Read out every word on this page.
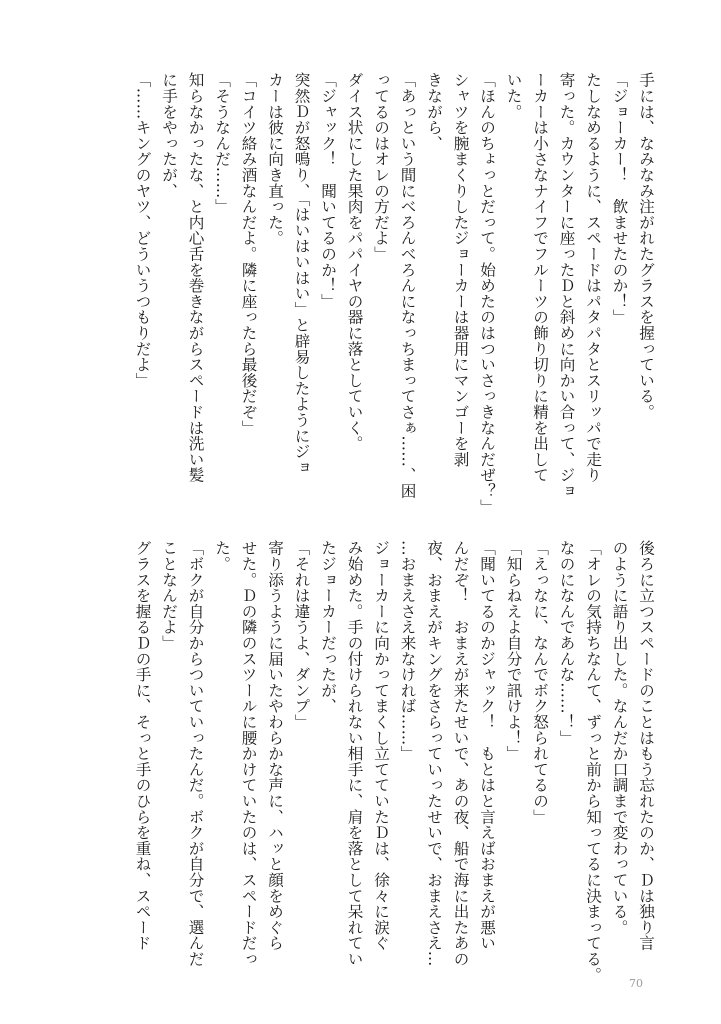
手には、なみなみ注がれたグラスを握っている。
「ジョーカー！　飲ませたのか！」
たしなめるように、スペードはパタパタとスリッパで走り
寄った。カウンターに座ったＤと斜めに向かい合って、ジョ
ーカーは小さなナイフでフルーツの飾り切りに精を出して
いた。
「ほんのちょっとだって。始めたのはついさっきなんだぜ？」
シャツを腕まくりしたジョーカーは器用にマンゴーを剥
きながら、
「あっという間にべろんべろんになっちまってさぁ……、困
ってるのはオレの方だよ」
ダイス状にした果肉をパパイヤの器に落としていく。
「ジャック！　聞いてるのか！」
突然Ｄが怒鳴り、「はいはいはい」と辟易したようにジョ
カーは彼に向き直った。
「コイツ絡み酒なんだよ。隣に座ったら最後だぞ」
「そうなんだ……」
知らなかったな、と内心舌を巻きながらスペードは洗い髪
に手をやったが、
「……キングのヤツ、どういうつもりだよ」
後ろに立つスペードのことはもう忘れたのか、Ｄは独り言
のように語り出した。なんだか口調まで変わっている。
「オレの気持ちなんて、ずっと前から知ってるに決まってる。
なのになんであんな……！」
「えっなに、なんでボク怒られてるの」
「知らねえよ自分で訊けよ！」
「聞いてるのかジャック！　もとはと言えばおまえが悪い
んだぞ！　おまえが来たせいで、あの夜、船で海に出たあの
夜、おまえがキングをさらっていったせいで、おまえさえ…
…おまえさえ来なければ……」
ジョーカーに向かってまくし立てていたＤは、徐々に涙ぐ
み始めた。手の付けられない相手に、肩を落として呆れてい
たジョーカーだったが、
「それは違うよ、ダンプ」
寄り添うように届いたやわらかな声に、ハッと顔をめぐら
せた。Ｄの隣のスツールに腰かけていたのは、スペードだっ
た。
「ボクが自分からついていったんだ。ボクが自分で、選んだ
ことなんだよ」
グラスを握るＤの手に、そっと手のひらを重ね、スペード
70
